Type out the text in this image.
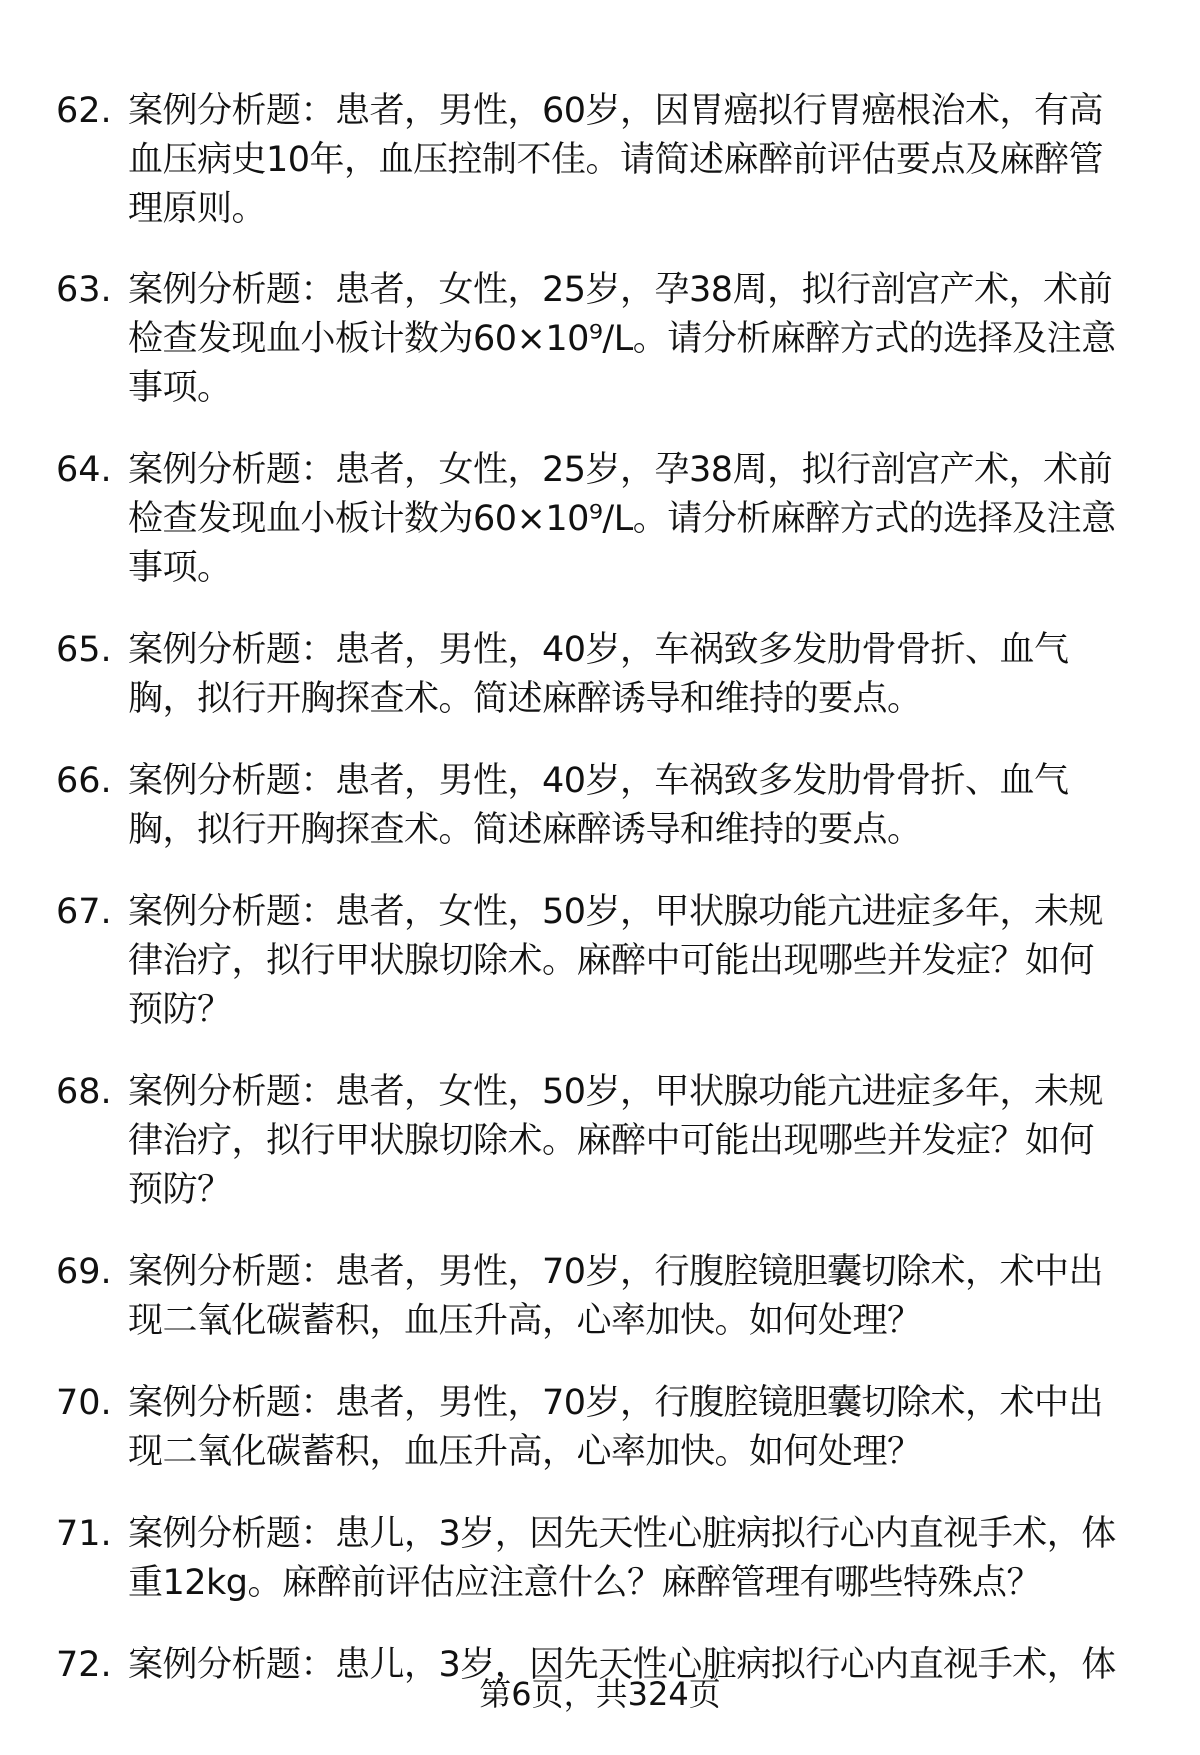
62. 案例分析题：患者，男性，60岁，因胃癌拟行胃癌根治术，有高
血压病史10年，血压控制不佳。请简述麻醉前评估要点及麻醉管
理原则。
63. 案例分析题：患者，女性，25岁，孕38周，拟行剖宫产术，术前
检查发现血小板计数为60×10⁹/L。请分析麻醉方式的选择及注意
事项。
64. 案例分析题：患者，女性，25岁，孕38周，拟行剖宫产术，术前
检查发现血小板计数为60×10⁹/L。请分析麻醉方式的选择及注意
事项。
65. 案例分析题：患者，男性，40岁，车祸致多发肋骨骨折、血气
胸，拟行开胸探查术。简述麻醉诱导和维持的要点。
66. 案例分析题：患者，男性，40岁，车祸致多发肋骨骨折、血气
胸，拟行开胸探查术。简述麻醉诱导和维持的要点。
67. 案例分析题：患者，女性，50岁，甲状腺功能亢进症多年，未规
律治疗，拟行甲状腺切除术。麻醉中可能出现哪些并发症？如何
预防？
68. 案例分析题：患者，女性，50岁，甲状腺功能亢进症多年，未规
律治疗，拟行甲状腺切除术。麻醉中可能出现哪些并发症？如何
预防？
69. 案例分析题：患者，男性，70岁，行腹腔镜胆囊切除术，术中出
现二氧化碳蓄积，血压升高，心率加快。如何处理？
70. 案例分析题：患者，男性，70岁，行腹腔镜胆囊切除术，术中出
现二氧化碳蓄积，血压升高，心率加快。如何处理？
71. 案例分析题：患儿，3岁，因先天性心脏病拟行心内直视手术，体
重12kg。麻醉前评估应注意什么？麻醉管理有哪些特殊点？
72. 案例分析题：患儿，3岁，因先天性心脏病拟行心内直视手术，体
第6页，共324页
